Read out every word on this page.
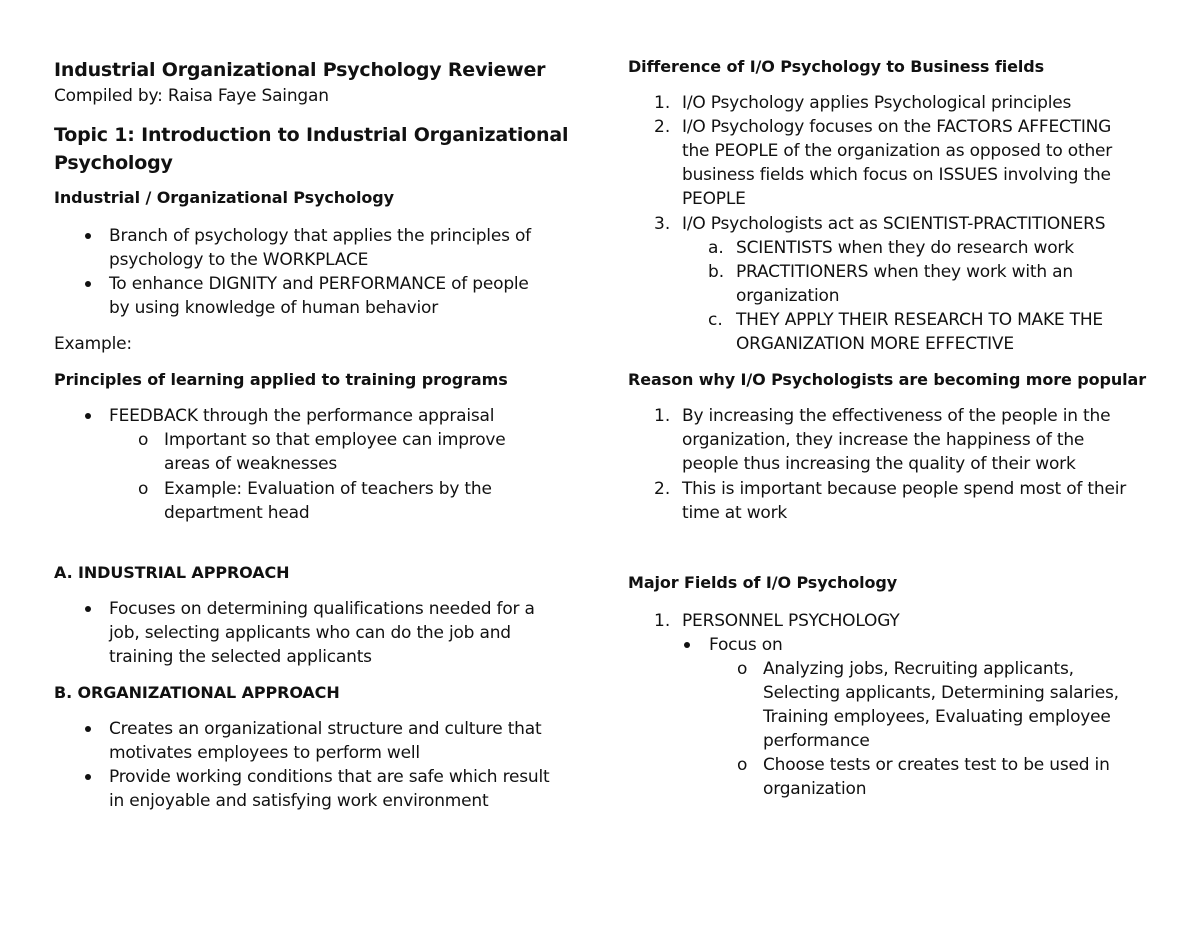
Industrial Organizational Psychology Reviewer
Compiled by: Raisa Faye Saingan
Topic 1: Introduction to Industrial Organizational
Psychology
Industrial / Organizational Psychology
Branch of psychology that applies the principles of
psychology to the WORKPLACE
To enhance DIGNITY and PERFORMANCE of people
by using knowledge of human behavior
Example:
Principles of learning applied to training programs
FEEDBACK through the performance appraisal
o Important so that employee can improve
areas of weaknesses
o Example: Evaluation of teachers by the
department head
A. INDUSTRIAL APPROACH
Focuses on determining qualifications needed for a
job, selecting applicants who can do the job and
training the selected applicants
B. ORGANIZATIONAL APPROACH
Creates an organizational structure and culture that
motivates employees to perform well
Provide working conditions that are safe which result
in enjoyable and satisfying work environment
Difference of I/O Psychology to Business fields
1. I/O Psychology applies Psychological principles
2. I/O Psychology focuses on the FACTORS AFFECTING
the PEOPLE of the organization as opposed to other
business fields which focus on ISSUES involving the
PEOPLE
3. I/O Psychologists act as SCIENTIST-PRACTITIONERS
a. SCIENTISTS when they do research work
b. PRACTITIONERS when they work with an
organization
c. THEY APPLY THEIR RESEARCH TO MAKE THE
ORGANIZATION MORE EFFECTIVE
Reason why I/O Psychologists are becoming more popular
1. By increasing the effectiveness of the people in the
organization, they increase the happiness of the
people thus increasing the quality of their work
2. This is important because people spend most of their
time at work
Major Fields of I/O Psychology
1. PERSONNEL PSYCHOLOGY
Focus on
o Analyzing jobs, Recruiting applicants,
Selecting applicants, Determining salaries,
Training employees, Evaluating employee
performance
o Choose tests or creates test to be used in
organization
